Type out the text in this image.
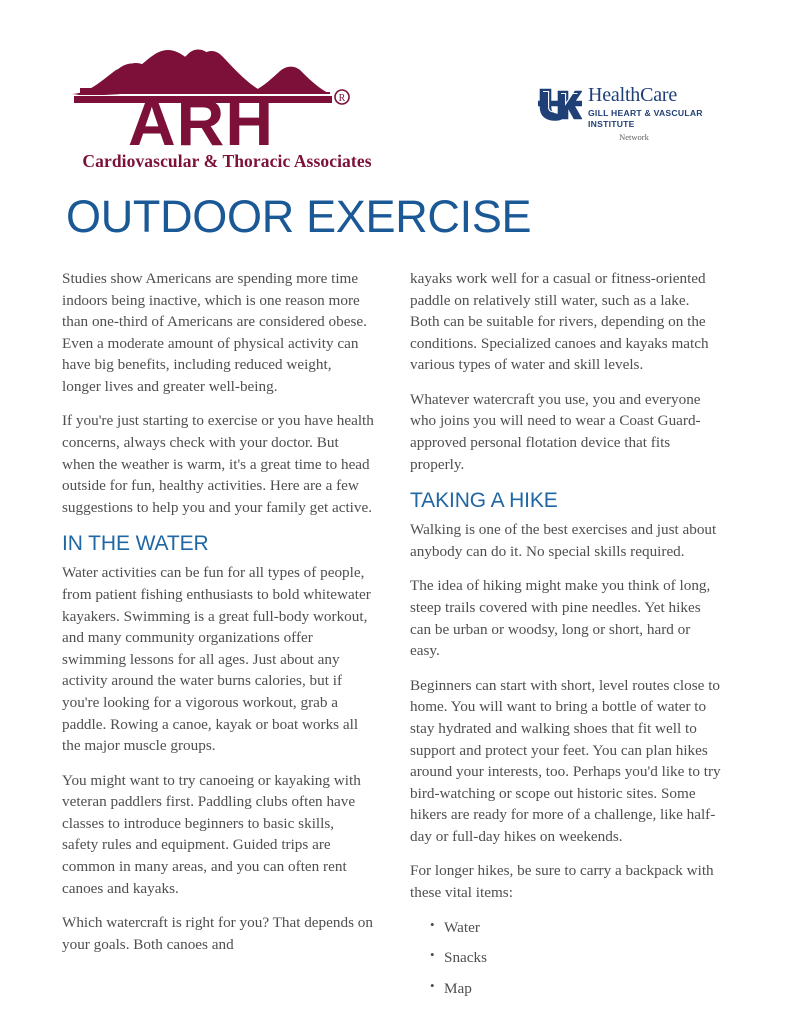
R
ARH
Cardiovascular & Thoracic Associates
HealthCare
GILL HEART & VASCULAR
INSTITUTE
Network
OUTDOOR EXERCISE

Studies show Americans are spending more time indoors being inactive, which is one reason more than one-third of Americans are considered obese. Even a moderate amount of physical activity can have big benefits, including reduced weight, longer lives and greater well-being.

If you're just starting to exercise or you have health concerns, always check with your doctor. But when the weather is warm, it's a great time to head outside for fun, healthy activities. Here are a few suggestions to help you and your family get active.

IN THE WATER

Water activities can be fun for all types of people, from patient fishing enthusiasts to bold whitewater kayakers. Swimming is a great full-body workout, and many community organizations offer swimming lessons for all ages. Just about any activity around the water burns calories, but if you're looking for a vigorous workout, grab a paddle. Rowing a canoe, kayak or boat works all the major muscle groups.

You might want to try canoeing or kayaking with veteran paddlers first. Paddling clubs often have classes to introduce beginners to basic skills, safety rules and equipment. Guided trips are common in many areas, and you can often rent canoes and kayaks.

Which watercraft is right for you? That depends on your goals. Both canoes and

kayaks work well for a casual or fitness-oriented paddle on relatively still water, such as a lake. Both can be suitable for rivers, depending on the conditions. Specialized canoes and kayaks match various types of water and skill levels.

Whatever watercraft you use, you and everyone who joins you will need to wear a Coast Guard-approved personal flotation device that fits properly.

TAKING A HIKE

Walking is one of the best exercises and just about anybody can do it. No special skills required.

The idea of hiking might make you think of long, steep trails covered with pine needles. Yet hikes can be urban or woodsy, long or short, hard or easy.

Beginners can start with short, level routes close to home. You will want to bring a bottle of water to stay hydrated and walking shoes that fit well to support and protect your feet. You can plan hikes around your interests, too. Perhaps you'd like to try bird-watching or scope out historic sites. Some hikers are ready for more of a challenge, like half-day or full-day hikes on weekends.

For longer hikes, be sure to carry a backpack with these vital items:

• Water
• Snacks
• Map
